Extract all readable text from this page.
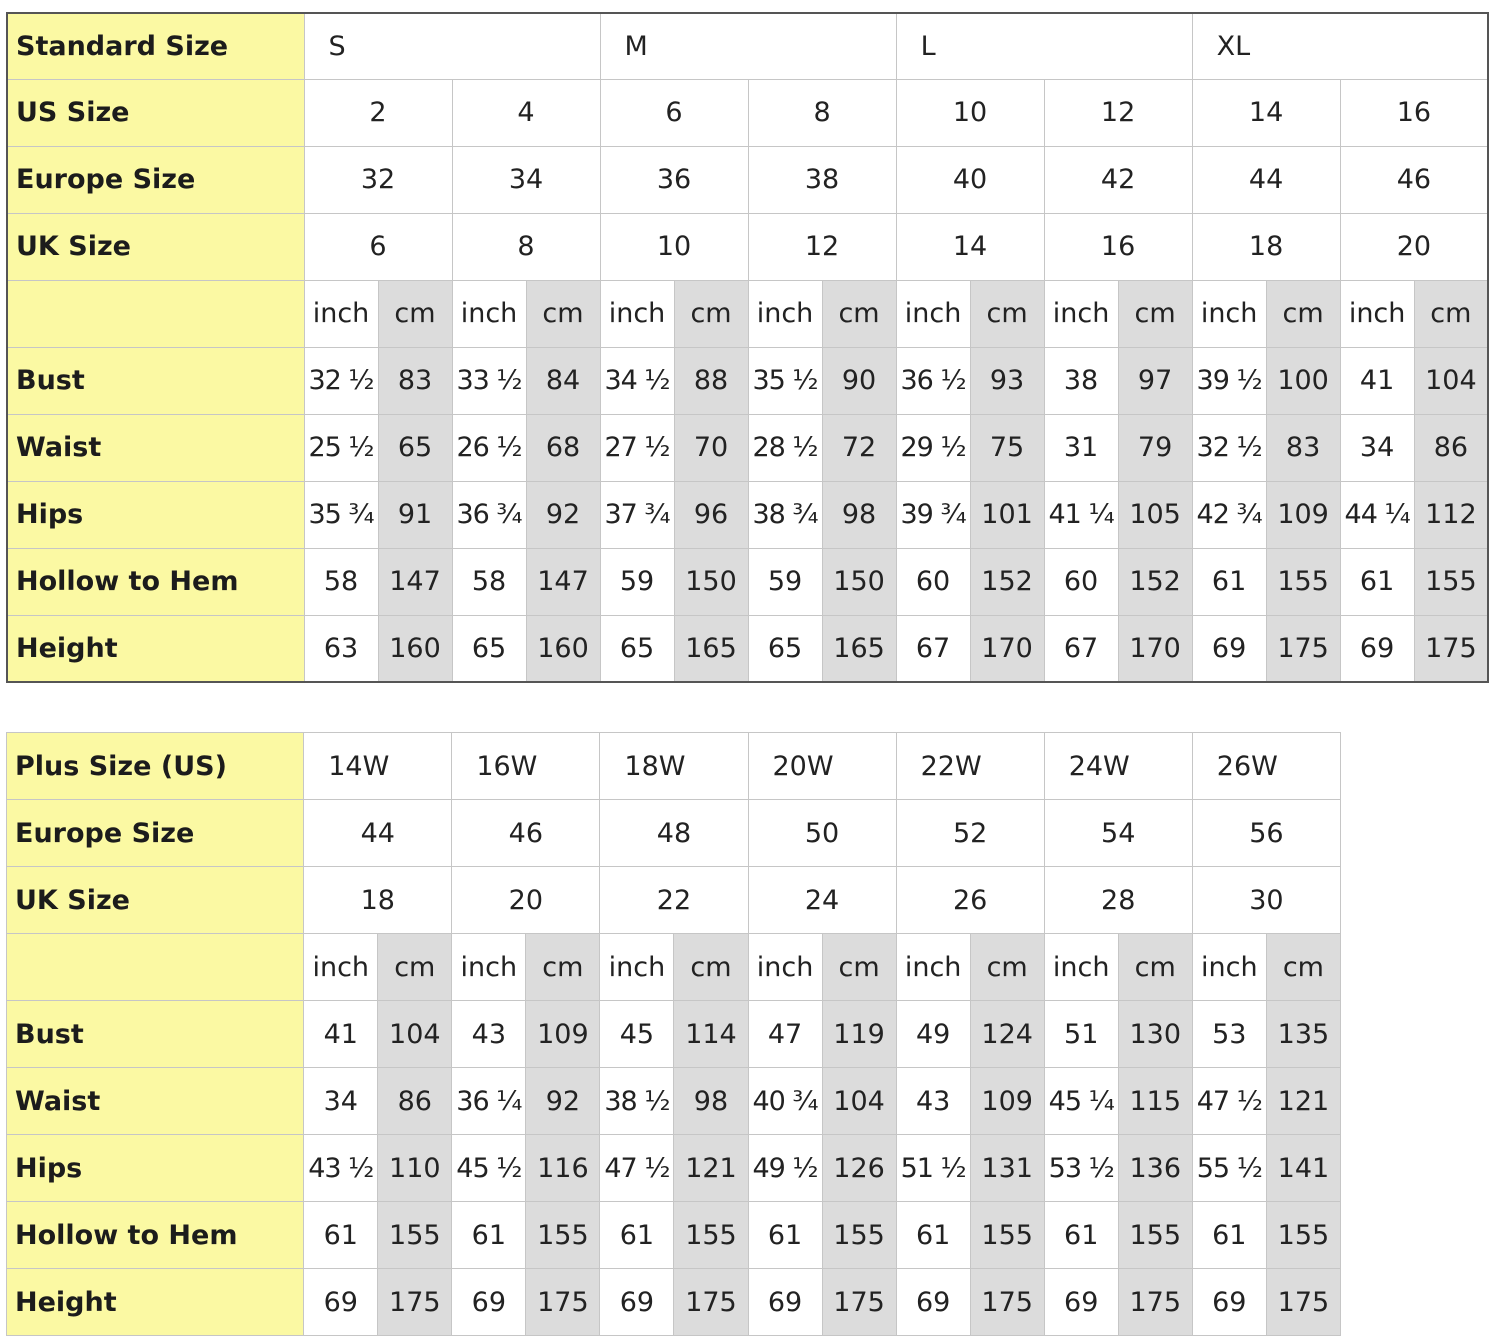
Standard Size	S				M				L				XL			
US Size	2		4		6		8		10		12		14		16	
Europe Size	32		34		36		38		40		42		44		46	
UK Size	6		8		10		12		14		16		18		20	
	inch	cm	inch	cm	inch	cm	inch	cm	inch	cm	inch	cm	inch	cm	inch	cm
Bust	32 ½	83	33 ½	84	34 ½	88	35 ½	90	36 ½	93	38	97	39 ½	100	41	104
Waist	25 ½	65	26 ½	68	27 ½	70	28 ½	72	29 ½	75	31	79	32 ½	83	34	86
Hips	35 ¾	91	36 ¾	92	37 ¾	96	38 ¾	98	39 ¾	101	41 ¼	105	42 ¾	109	44 ¼	112
Hollow to Hem	58	147	58	147	59	150	59	150	60	152	60	152	61	155	61	155
Height	63	160	65	160	65	165	65	165	67	170	67	170	69	175	69	175
Plus Size (US)	14W		16W		18W		20W		22W		24W		26W	
Europe Size	44		46		48		50		52		54		56	
UK Size	18		20		22		24		26		28		30	
	inch	cm	inch	cm	inch	cm	inch	cm	inch	cm	inch	cm	inch	cm
Bust	41	104	43	109	45	114	47	119	49	124	51	130	53	135
Waist	34	86	36 ¼	92	38 ½	98	40 ¾	104	43	109	45 ¼	115	47 ½	121
Hips	43 ½	110	45 ½	116	47 ½	121	49 ½	126	51 ½	131	53 ½	136	55 ½	141
Hollow to Hem	61	155	61	155	61	155	61	155	61	155	61	155	61	155
Height	69	175	69	175	69	175	69	175	69	175	69	175	69	175
